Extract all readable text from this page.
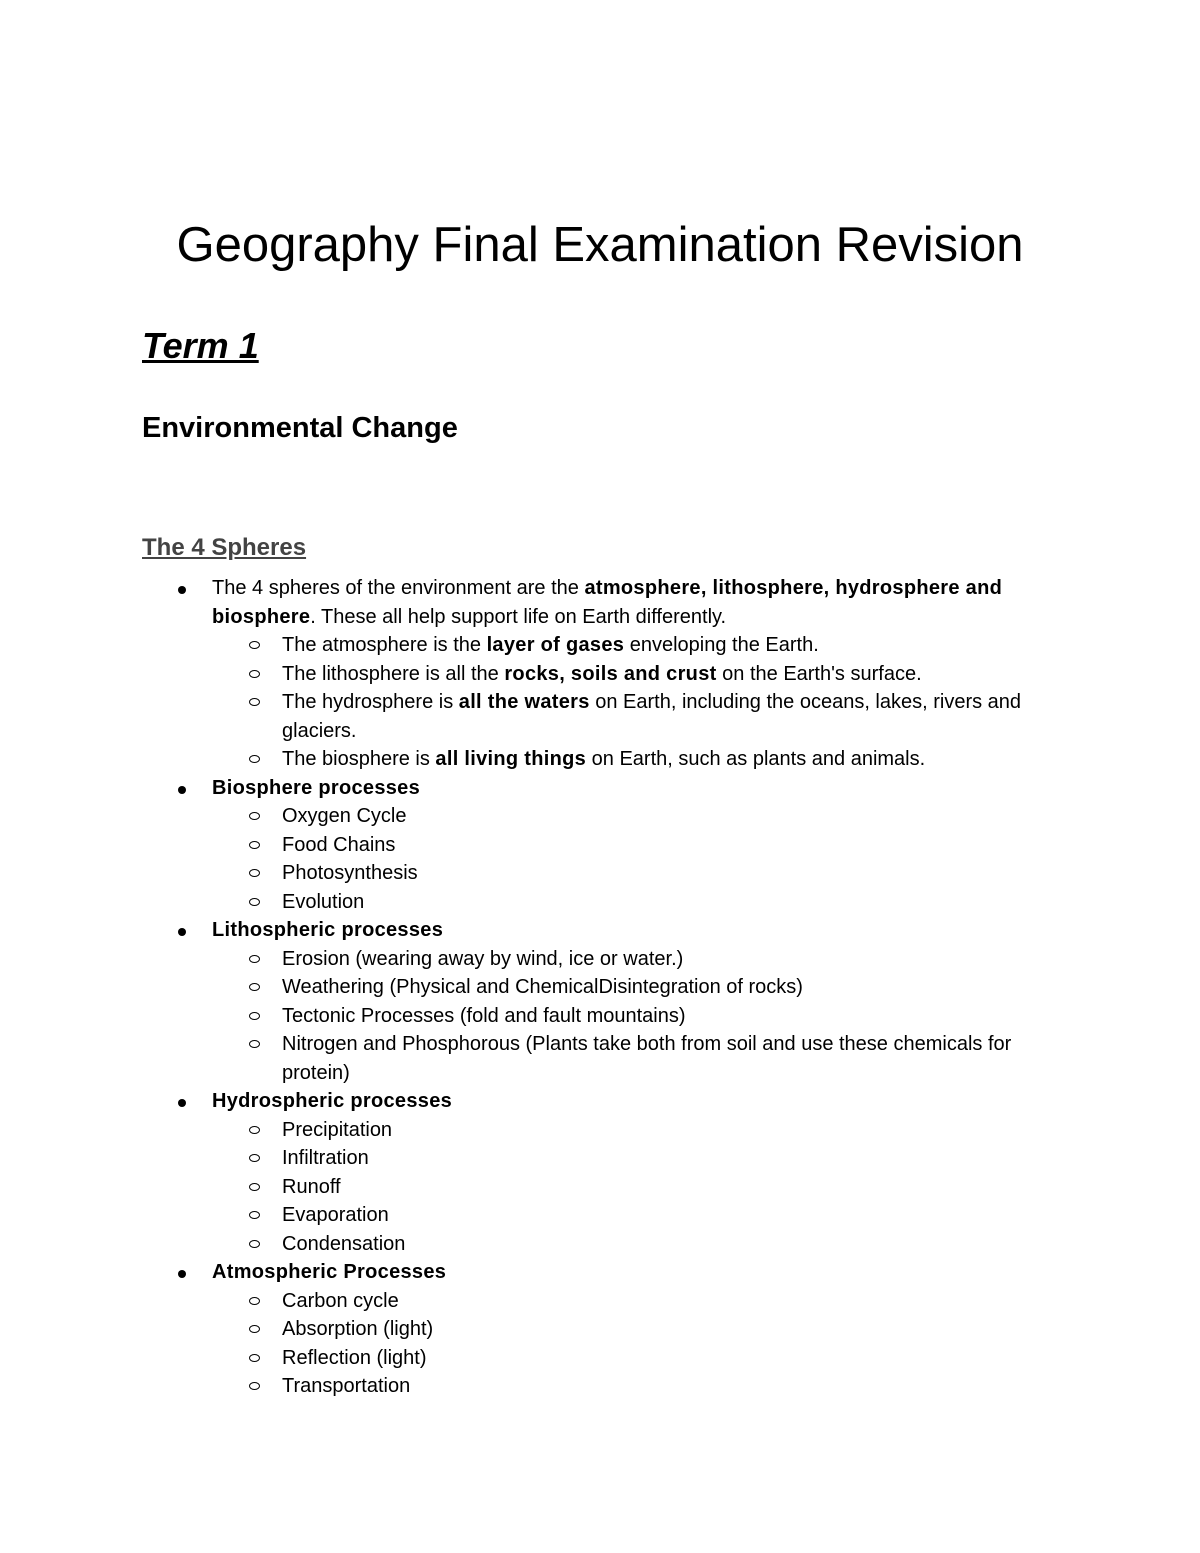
Geography Final Examination Revision
Term 1
Environmental Change
The 4 Spheres
The 4 spheres of the environment are the atmosphere, lithosphere, hydrosphere and biosphere. These all help support life on Earth differently.
The atmosphere is the layer of gases enveloping the Earth.
The lithosphere is all the rocks, soils and crust on the Earth's surface.
The hydrosphere is all the waters on Earth, including the oceans, lakes, rivers and glaciers.
The biosphere is all living things on Earth, such as plants and animals.
Biosphere processes
Oxygen Cycle
Food Chains
Photosynthesis
Evolution
Lithospheric processes
Erosion (wearing away by wind, ice or water.)
Weathering (Physical and ChemicalDisintegration of rocks)
Tectonic Processes (fold and fault mountains)
Nitrogen and Phosphorous (Plants take both from soil and use these chemicals for protein)
Hydrospheric processes
Precipitation
Infiltration
Runoff
Evaporation
Condensation
Atmospheric Processes
Carbon cycle
Absorption (light)
Reflection (light)
Transportation
